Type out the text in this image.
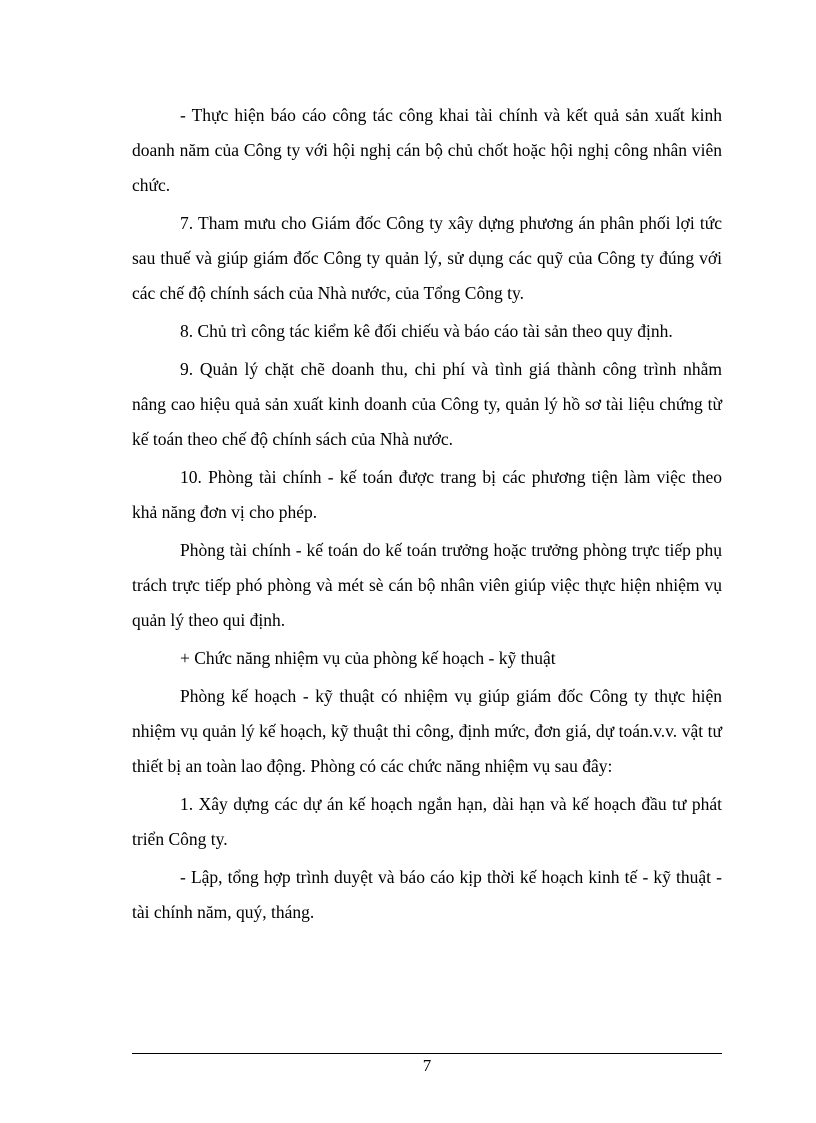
- Thực hiện báo cáo công tác công khai tài chính và kết quả sản xuất kinh doanh năm của Công ty với hội nghị cán bộ chủ chốt hoặc hội nghị công nhân viên chức.

7. Tham mưu cho Giám đốc Công ty xây dựng phương án phân phối lợi tức sau thuế và giúp giám đốc Công ty quản lý, sử dụng các quỹ của Công ty đúng với các chế độ chính sách của Nhà nước, của Tổng Công ty.

8. Chủ trì công tác kiểm kê đối chiếu và báo cáo tài sản theo quy định.

9. Quản lý chặt chẽ doanh thu, chi phí và tình giá thành công trình nhằm nâng cao hiệu quả sản xuất kinh doanh của Công ty, quản lý hồ sơ tài liệu chứng từ kế toán theo chế độ chính sách của Nhà nước.

10. Phòng tài chính - kế toán được trang bị các phương tiện làm việc theo khả năng đơn vị cho phép.

Phòng tài chính - kế toán do kế toán trưởng hoặc trưởng phòng trực tiếp phụ trách trực tiếp phó phòng và mét sè cán bộ nhân viên giúp việc thực hiện nhiệm vụ quản lý theo qui định.

+ Chức năng nhiệm vụ của phòng kế hoạch - kỹ thuật

Phòng kế hoạch - kỹ thuật có nhiệm vụ giúp giám đốc Công ty thực hiện nhiệm vụ quản lý kế hoạch, kỹ thuật thi công, định mức, đơn giá, dự toán.v.v. vật tư thiết bị an toàn lao động. Phòng có các chức năng nhiệm vụ sau đây:

1. Xây dựng các dự án kế hoạch ngắn hạn, dài hạn và kế hoạch đầu tư phát triển Công ty.

- Lập, tổng hợp trình duyệt và báo cáo kịp thời kế hoạch kinh tế - kỹ thuật - tài chính năm, quý, tháng.

7
